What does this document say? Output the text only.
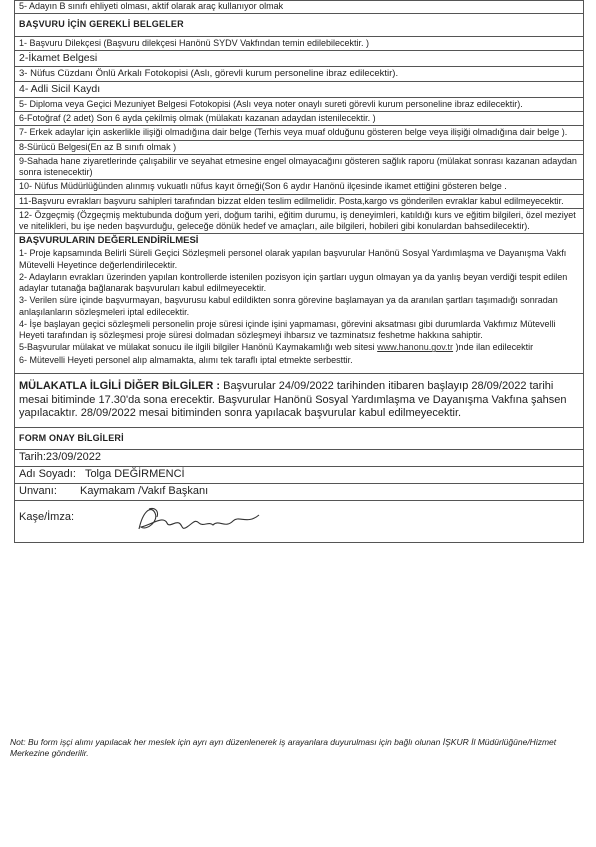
5- Adayın B sınıfı ehliyeti olması, aktif olarak araç kullanıyor olmak
BAŞVURU İÇİN GEREKLİ BELGELER
1- Başvuru Dilekçesi (Başvuru dilekçesi Hanönü SYDV Vakfından temin edilebilecektir. )
2-İkamet Belgesi
3- Nüfus Cüzdanı Önlü Arkalı Fotokopisi (Aslı, görevli kurum personeline ibraz edilecektir).
4- Adli Sicil Kaydı
5- Diploma veya Geçici Mezuniyet Belgesi Fotokopisi (Aslı veya noter onaylı sureti görevli kurum personeline ibraz edilecektir).
6-Fotoğraf (2 adet) Son 6 ayda çekilmiş olmak (mülakatı kazanan adaydan istenilecektir. )
7- Erkek adaylar için askerlikle ilişiği olmadığına dair belge (Terhis veya muaf olduğunu gösteren belge veya ilişiği olmadığına dair belge ).
8-Sürücü Belgesi(En az B sınıfı olmak )
9-Sahada hane ziyaretlerinde çalışabilir ve seyahat etmesine engel olmayacağını gösteren sağlık raporu (mülakat sonrası kazanan adaydan sonra istenecektir)
10- Nüfus Müdürlüğünden alınmış vukuatlı nüfus kayıt örneği(Son 6 aydır Hanönü ilçesinde ikamet ettiğini gösteren belge .
11-Başvuru evrakları başvuru sahipleri tarafından bizzat elden teslim edilmelidir. Posta,kargo vs gönderilen evraklar kabul edilmeyecektir.
12- Özgeçmiş (Özgeçmiş mektubunda doğum yeri, doğum tarihi, eğitim durumu, iş deneyimleri, katıldığı kurs ve eğitim bilgileri, özel meziyet ve nitelikleri, bu işe neden başvurduğu, geleceğe dönük hedef ve amaçları, aile bilgileri, hobileri gibi konulardan bahsedilecektir).

BAŞVURULARIN DEĞERLENDİRİLMESİ
1- Proje kapsamında Belirli Süreli Geçici Sözleşmeli personel olarak yapılan başvurular Hanönü Sosyal Yardımlaşma ve Dayanışma Vakfı Mütevelli Heyetince değerlendirilecektir.
2- Adayların evrakları üzerinden yapılan kontrollerde istenilen pozisyon için şartları uygun olmayan ya da yanlış beyan verdiği tespit edilen adaylar tutanağa bağlanarak başvuruları kabul edilmeyecektir.
3- Verilen süre içinde başvurmayan, başvurusu kabul edildikten sonra görevine başlamayan ya da aranılan şartları taşımadığı sonradan anlaşılanların sözleşmeleri iptal edilecektir.
4- İşe başlayan geçici sözleşmeli personelin proje süresi içinde işini yapmaması, görevini aksatması gibi durumlarda Vakfımız Mütevelli Heyeti tarafından iş sözleşmesi proje süresi dolmadan sözleşmeyi ihbarsız ve tazminatsız feshetme hakkına sahiptir.
5-Başvurular mülakat ve mülakat sonucu ile ilgili bilgiler Hanönü Kaymakamlığı web sitesi www.hanonu.gov.tr )nde ilan edilecektir
6- Mütevelli Heyeti personel alıp almamakta, alımı tek taraflı iptal etmekte serbesttir.

MÜLAKATLA İLGİLİ DİĞER BİLGİLER : Başvurular 24/09/2022 tarihinden itibaren başlayıp 28/09/2022 tarihi mesai bitiminde 17.30'da sona erecektir. Başvurular Hanönü Sosyal Yardımlaşma ve Dayanışma Vakfına şahsen yapılacaktır. 28/09/2022 mesai bitiminden sonra yapılacak başvurular kabul edilmeyecektir.
FORM ONAY BİLGİLERİ
Tarih:23/09/2022
Adı Soyadı: Tolga DEĞİRMENCİ
Unvanı: Kaymakam /Vakıf Başkanı

Kaşe/İmza:
Not: Bu form işçi alımı yapılacak her meslek için ayrı ayrı düzenlenerek iş arayanlara duyurulması için bağlı olunan İŞKUR İl Müdürlüğüne/Hizmet Merkezine gönderilir.
